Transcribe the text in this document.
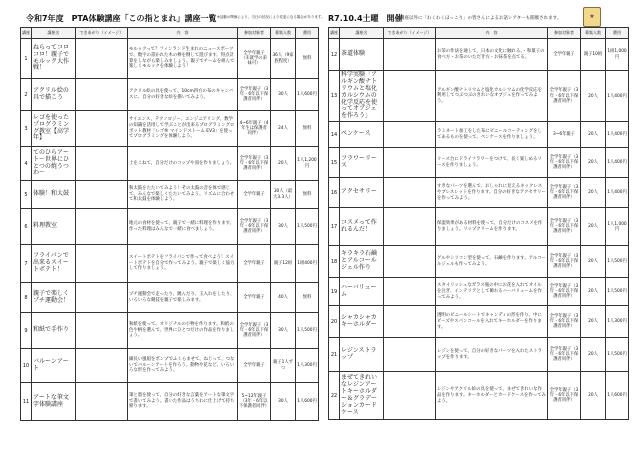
令和7年度　PTA体験講座「この指とまれ」講座一覧 ※活動の関係により、当日の状況により変更になる場合があります。 R7.10.4土曜　開催
講座以外に「わくわくほっこり」の皆さんによるお話シアターも開催されます。	★
講座	講座名	できあがり（イメージ）	内　容	参加対象者	募集人数	費用
1	ねらってコロコロ！親子でモルック大作戦！		モルックって？フィンランド生まれのニュースポーツで、数字の書かれた木の棒を倒して遊びます。得点計算をしながら楽しみましょう。親子でチームを組んで楽しくモルックを体験しよう！	全学年親子（未就学の弟妹可）	36人（9家族程度）	無料
2	アクリル絵の具で描こう		アクリル絵の具を使って、10cm四方の布のキャンバスに、自分の好きな絵を描いてみよう。	全学年親子（3年・6年以下保護者同伴）	30人	1人600円
3	レゴを使ったプログラミング教室【高学年】		サイエンス、テクノロジー、エンジニアリング、数学の知識を活用して学ぶことが出来るプログラミングロボット教材「レゴ® マインドストーム EV3」を使ってプログラミングを体験しよう。	4~6年親子（4年生は保護者同伴）	24人	無料
4	てのひらアート～世界にひとつの焼うつわ～		土をこねて、自分だけのコップや皿を作りましょう。	全学年親子（3年・6年以下保護者同伴）	20人	1人1,200円
5	体験！和太鼓		和太鼓をたたいてみよう！その太鼓の音を体で感じて、みんなで楽しくたたいてみよう。リズムに合わせて和太鼓を体験しよう。	全学年親子	30人（最大3.3人）	無料
6	料理教室		地元の食材を使って、親子で一緒に料理を作ります。作った料理はみんなで一緒に食べましょう。	全学年親子（3年・6年以下保護者同伴）	30人	1人500円
7	フライパンで出来るスイートポテト！		スイートポテトをフライパンで作って食べよう！スイートポテトを自分で作ってみよう。親子で楽しく協力して作りましょう。	全学年親子	親子12組	1組400円
8	親子で楽しくプチ運動会！		プチ運動会で走ったり、跳んだり、玉入れをしたり、いろいろな競技を親子で楽しみます。	全学年親子	40人	無料
9	和紙で手作り		和紙を使って、オリジナルの小物を作ります。和紙の色や柄を選んで、世界にひとつだけの作品を作りましょう。	全学年親子（3年・6年以下保護者同伴）	30人	1人500円
10	バルーンアート		細長い風船をポンプでふくらませて、ねじって、つないでバルーンアートを作ろう。動物や花など、いろいろな形を作ってみよう。	全学年親子	親子1人ずつ	1人300円
11	アートな筆文字体験講座		筆と墨を使って、自分の好きな言葉をアートな筆文字で書いてみよう。書いた作品はうちわに仕上げて持ち帰ります。	5~12年親子（3年・6年以下保護者同伴）	30人	1人600円
講座	講座名	できあがり（イメージ）	内　容	参加対象者	募集人数	費用
12	茶道体験		お茶の作法を通して、日本の文化に触れる。・和菓子の食べ方・お茶のいただき方・お抹茶を点てる。	全学年親子	親子10組	1組1,000円
13	科学実験「アルギン酸ナトリウムと塩化カルシウムの化学反応を使ってオブジェを作ろう」		アルギン酸ナトリウムと塩化カルシウムの化学反応を利用してつぶつぶのきれいなオブジェを作ってみよう。	全学年親子（3年・6年以下保護者同伴）	20人	1人400円
14	ペンケース		ラミネート加工をした布にビニールコーティングをしてあるものを使って、ペンケースを作りましょう。	3~6年親子	20人	1人400円
15	フラワーリース		リース台にドライフラワーをつけて、長く楽しめるリースを作りましょう。	全学年親子（3年・6年以下保護者同伴）	20人	1人400円
16	アクセサリー		すきなパーツを選んで、おしゃれに見えるネックレスやブレスレットを作ります。自分の好きなアクセサリーを作ってみよう。	全学年親子（3年・6年以下保護者同伴）	20人	1人400円
17	コスメって作れるんだ！		保湿効果がある材料を使って、自分だけのコスメを作りましょう。リップクリームを作ります。	全学年親子（3年・6年以下保護者同伴）	20人	1人1,000円
18	キラキラ石鹸とアルコールジェル作り		ゲルやシリコン型を使って、石鹸を作ります。アルコールジェルも作ってみよう。	全学年親子（3年・6年以下保護者同伴）	20人	1人500円
19	ハーバリューム		スタイリッシュなガラス瓶の中にお花を入れてオイルを注ぎ、インテリアとして飾れるハーバリュームを作ってみよう。	全学年親子（3年・6年以下保護者同伴）	20人	1人500円
20	シャカシャカキーホルダー		透明のビニールシートでキャンディの形を作り、中にビーズやスパンコールを入れてキーホルダーを作ります。	全学年親子（3年・6年以下保護者同伴）	20人	1人300円
21	レジンストラップ		レジンを使って、自分の好きなパーツを入れたストラップを作ります。	全学年親子（3年・6年以下保護者同伴）	20人	1人500円
22	まぜてきれいなレジンアートキーホルダー＆グラデーションカードケース		レジンやアクリル絵の具を使って、まぜてきれいな作品を作ります。キーホルダーとカードケースを作ってみよう。	全学年親子（3年・6年以下保護者同伴）	20人	1人600円
